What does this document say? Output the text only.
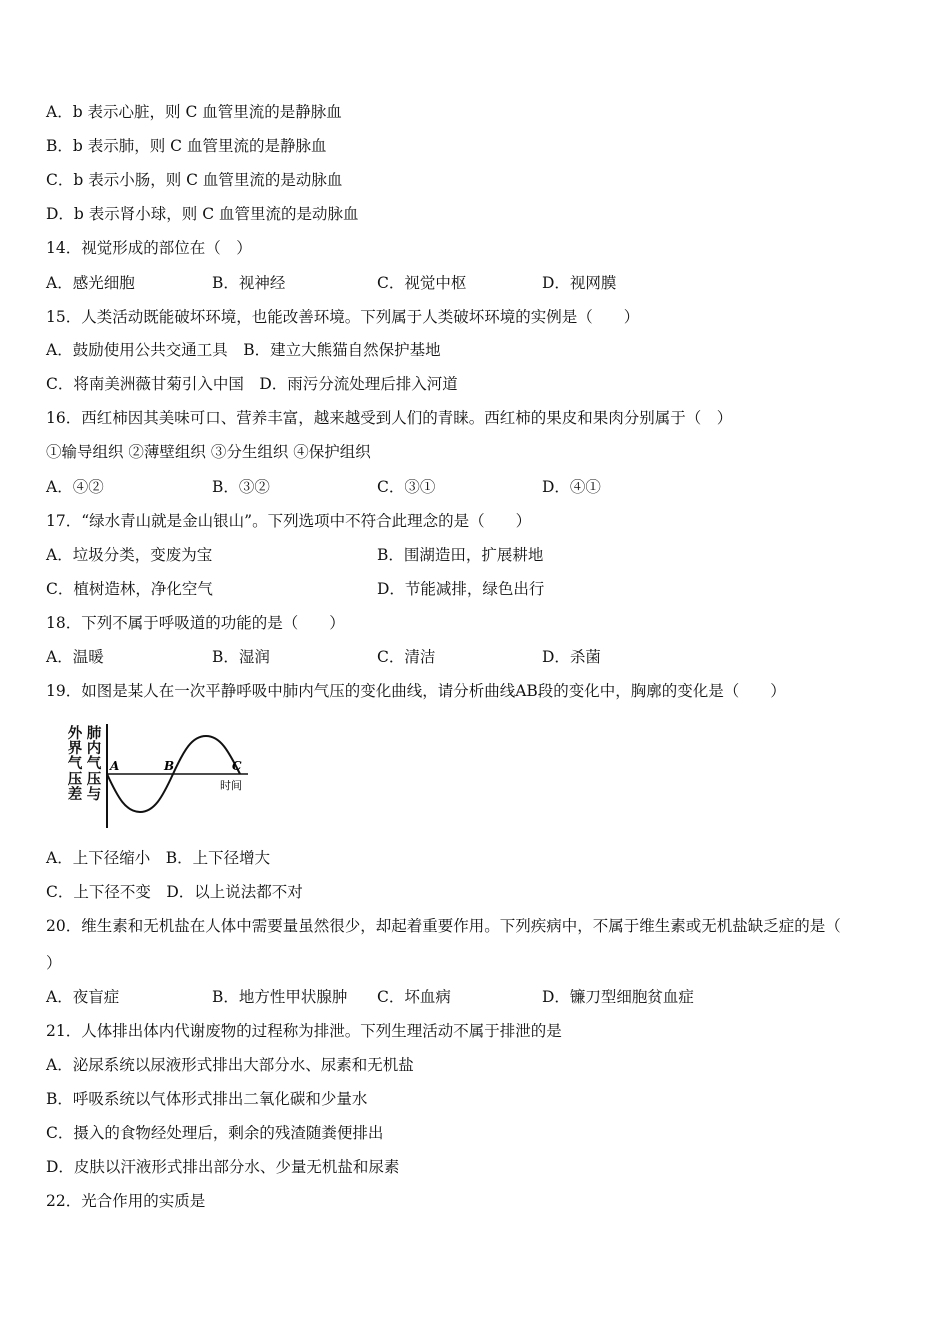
A．b 表示心脏，则 C 血管里流的是静脉血
B．b 表示肺，则 C 血管里流的是静脉血
C．b 表示小肠，则 C 血管里流的是动脉血
D．b 表示肾小球，则 C 血管里流的是动脉血
14．视觉形成的部位在（　）
A．感光细胞	B．视神经	C．视觉中枢	D．视网膜
15．人类活动既能破坏环境，也能改善环境。下列属于人类破坏环境的实例是（　　）
A．鼓励使用公共交通工具　B．建立大熊猫自然保护基地
C．将南美洲薇甘菊引入中国　D．雨污分流处理后排入河道
16．西红柿因其美味可口、营养丰富，越来越受到人们的青睐。西红柿的果皮和果肉分别属于（　）
①输导组织 ②薄壁组织 ③分生组织 ④保护组织
A．④②	B．③②	C．③①	D．④①
17．“绿水青山就是金山银山”。下列选项中不符合此理念的是（　　）
A．垃圾分类，变废为宝	B．围湖造田，扩展耕地
C．植树造林，净化空气	D．节能减排，绿色出行
18．下列不属于呼吸道的功能的是（　　）
A．温暖	B．湿润	C．清洁	D．杀菌
19．如图是某人在一次平静呼吸中肺内气压的变化曲线，请分析曲线AB段的变化中，胸廓的变化是（　　）
外界气压差
肺内气压与
A	B	C
时间
A．上下径缩小　B．上下径增大
C．上下径不变　D．以上说法都不对
20．维生素和无机盐在人体中需要量虽然很少，却起着重要作用。下列疾病中，不属于维生素或无机盐缺乏症的是（
）
A．夜盲症	B．地方性甲状腺肿 C．坏血病	D．镰刀型细胞贫血症
21．人体排出体内代谢废物的过程称为排泄。下列生理活动不属于排泄的是
A．泌尿系统以尿液形式排出大部分水、尿素和无机盐
B．呼吸系统以气体形式排出二氧化碳和少量水
C．摄入的食物经处理后，剩余的残渣随粪便排出
D．皮肤以汗液形式排出部分水、少量无机盐和尿素
22．光合作用的实质是
